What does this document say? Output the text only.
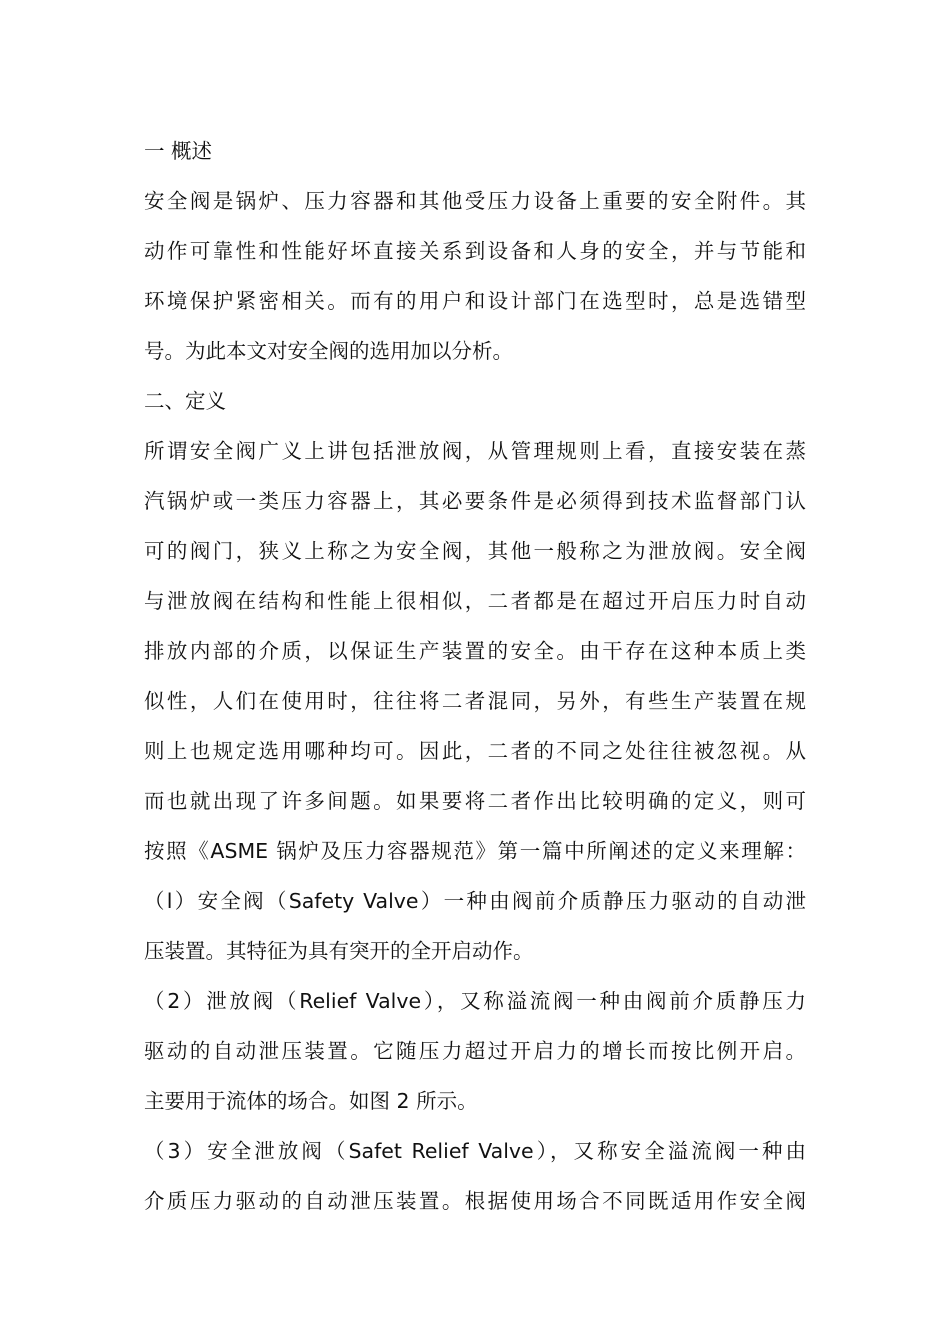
一 概述
安全阀是锅炉、压力容器和其他受压力设备上重要的安全附件。其
动作可靠性和性能好坏直接关系到设备和人身的安全，并与节能和
环境保护紧密相关。而有的用户和设计部门在选型时，总是选错型
号。为此本文对安全阀的选用加以分析。
二、定义
所谓安全阀广义上讲包括泄放阀，从管理规则上看，直接安装在蒸
汽锅炉或一类压力容器上，其必要条件是必须得到技术监督部门认
可的阀门，狭义上称之为安全阀，其他一般称之为泄放阀。安全阀
与泄放阀在结构和性能上很相似，二者都是在超过开启压力时自动
排放内部的介质，以保证生产装置的安全。由干存在这种本质上类
似性，人们在使用时，往往将二者混同，另外，有些生产装置在规
则上也规定选用哪种均可。因此，二者的不同之处往往被忽视。从
而也就出现了许多间题。如果要将二者作出比较明确的定义，则可
按照《ASME 锅炉及压力容器规范》第一篇中所阐述的定义来理解：
（l）安全阀（Safety Valve）一种由阀前介质静压力驱动的自动泄
压装置。其特征为具有突开的全开启动作。
（2）泄放阀（Relief Valve），又称溢流阀一种由阀前介质静压力
驱动的自动泄压装置。它随压力超过开启力的增长而按比例开启。
主要用于流体的场合。如图 2 所示。
（3）安全泄放阀（Safet Relief Valve），又称安全溢流阀一种由
介质压力驱动的自动泄压装置。根据使用场合不同既适用作安全阀
